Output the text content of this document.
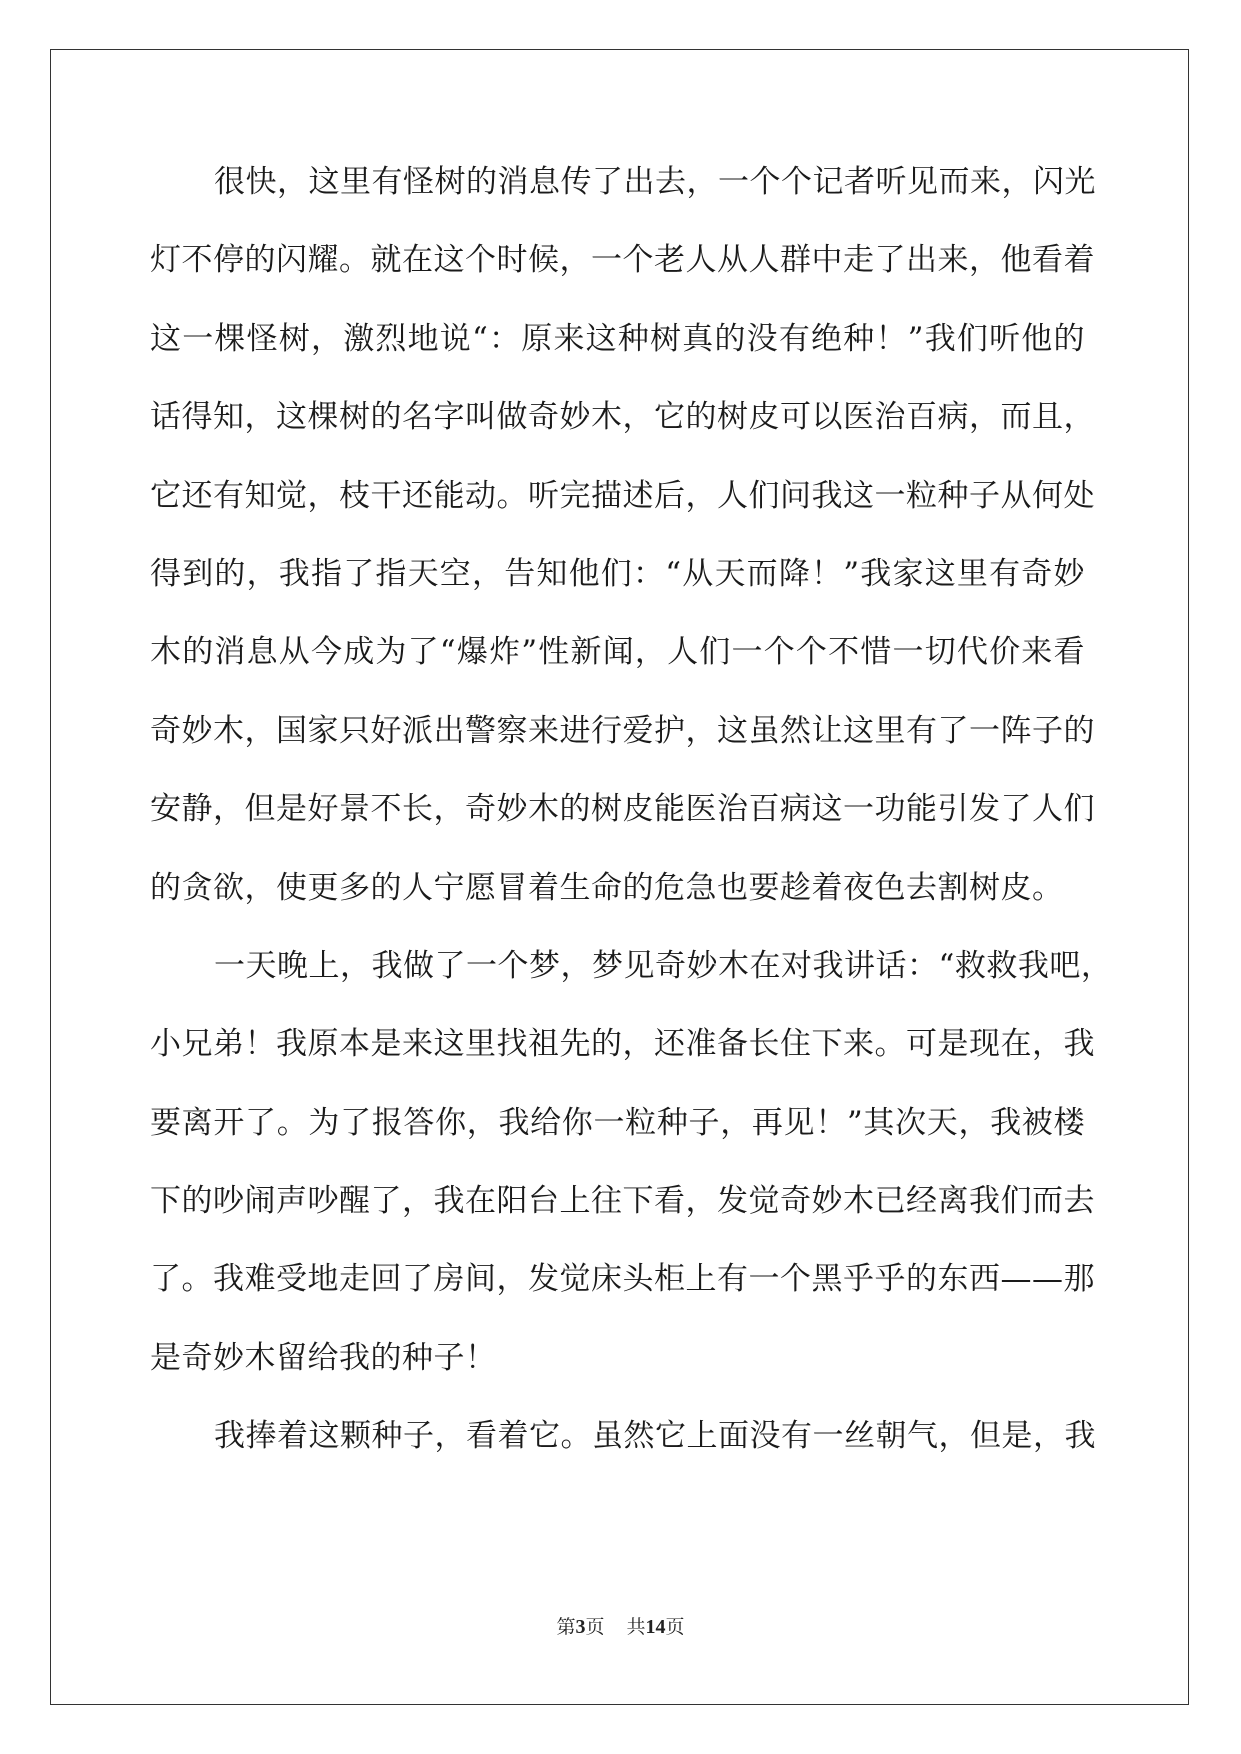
很快，这里有怪树的消息传了出去，一个个记者听见而来，闪光
灯不停的闪耀。就在这个时候，一个老人从人群中走了出来，他看着
这一棵怪树，激烈地说“：原来这种树真的没有绝种！”我们听他的
话得知，这棵树的名字叫做奇妙木，它的树皮可以医治百病，而且，
它还有知觉，枝干还能动。听完描述后，人们问我这一粒种子从何处
得到的，我指了指天空，告知他们：“从天而降！”我家这里有奇妙
木的消息从今成为了“爆炸”性新闻，人们一个个不惜一切代价来看
奇妙木，国家只好派出警察来进行爱护，这虽然让这里有了一阵子的
安静，但是好景不长，奇妙木的树皮能医治百病这一功能引发了人们
的贪欲，使更多的人宁愿冒着生命的危急也要趁着夜色去割树皮。
一天晚上，我做了一个梦，梦见奇妙木在对我讲话：“救救我吧，
小兄弟！我原本是来这里找祖先的，还准备长住下来。可是现在，我
要离开了。为了报答你，我给你一粒种子，再见！”其次天，我被楼
下的吵闹声吵醒了，我在阳台上往下看，发觉奇妙木已经离我们而去
了。我难受地走回了房间，发觉床头柜上有一个黑乎乎的东西——那
是奇妙木留给我的种子！
我捧着这颗种子，看着它。虽然它上面没有一丝朝气，但是，我
第3页 共14页
